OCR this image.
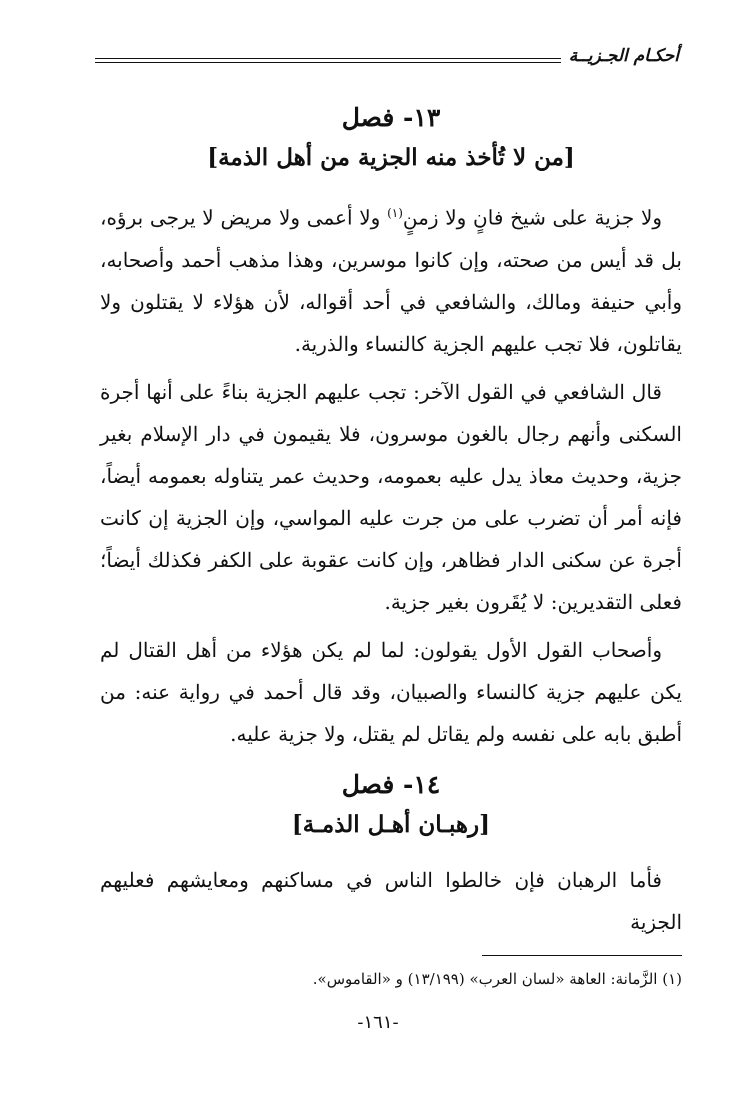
أحكـام الجـزيــة
١٣- فصل
[من لا تُأخذ منه الجزية من أهل الذمة]

ولا جزية على شيخ فانٍ ولا زمنٍ$^{(١)}$ ولا أعمى ولا مريض لا يرجى برؤه، بل قد أيس من صحته، وإن كانوا موسرين، وهذا مذهب أحمد وأصحابه، وأبي حنيفة ومالك، والشافعي في أحد أقواله، لأن هؤلاء لا يقتلون ولا يقاتلون، فلا تجب عليهم الجزية كالنساء والذرية.

قال الشافعي في القول الآخر: تجب عليهم الجزية بناءً على أنها أجرة السكنى وأنهم رجال بالغون موسرون، فلا يقيمون في دار الإسلام بغير جزية، وحديث معاذ يدل عليه بعمومه، وحديث عمر يتناوله بعمومه أيضاً، فإنه أمر أن تضرب على من جرت عليه المواسي، وإن الجزية إن كانت أجرة عن سكنى الدار فظاهر، وإن كانت عقوبة على الكفر فكذلك أيضاً؛ فعلى التقديرين: لا يُقَرون بغير جزية.

وأصحاب القول الأول يقولون: لما لم يكن هؤلاء من أهل القتال لم يكن عليهم جزية كالنساء والصبيان، وقد قال أحمد في رواية عنه: من أطبق بابه على نفسه ولم يقاتل لم يقتل، ولا جزية عليه.

١٤- فصل
[رهبـان أهـل الذمـة]

فأما الرهبان فإن خالطوا الناس في مساكنهم ومعايشهم فعليهم الجزية

(١) الزَّمانة: العاهة «لسان العرب» (١٣/١٩٩) و «القاموس».
-١٦١-
